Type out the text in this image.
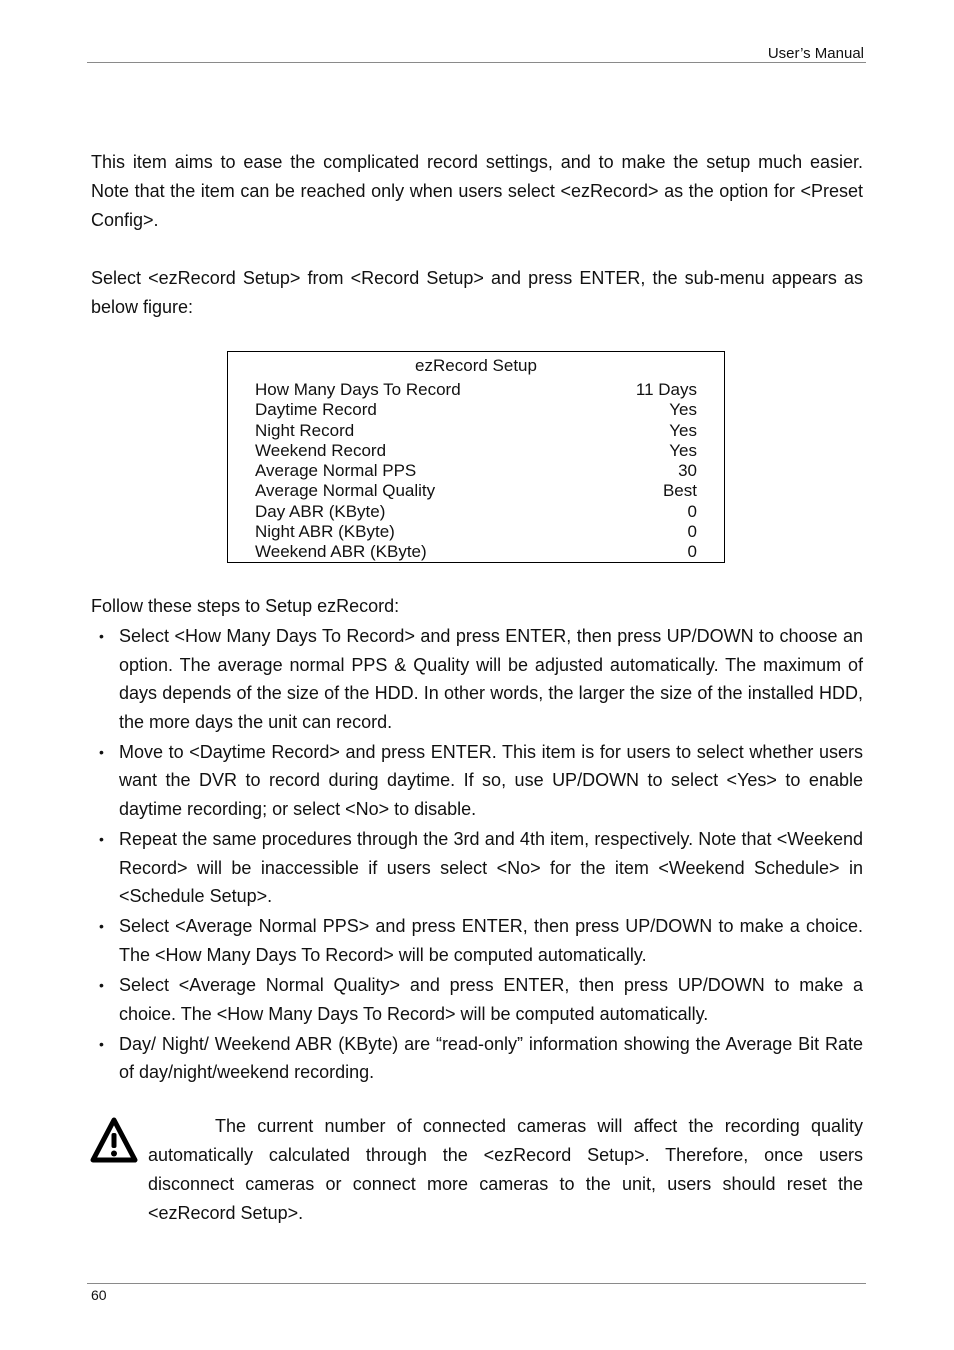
User’s Manual

This item aims to ease the complicated record settings, and to make the setup much easier. Note that the item can be reached only when users select <ezRecord> as the option for <Preset Config>.

Select <ezRecord Setup> from <Record Setup> and press ENTER, the sub-menu appears as below figure:

ezRecord Setup
How Many Days To Record	11 Days
Daytime Record	Yes
Night Record	Yes
Weekend Record	Yes
Average Normal PPS	30
Average Normal Quality	Best
Day ABR (KByte)	0
Night ABR (KByte)	0
Weekend ABR (KByte)	0

Follow these steps to Setup ezRecord:

• Select <How Many Days To Record> and press ENTER, then press UP/DOWN to choose an option. The average normal PPS & Quality will be adjusted automatically. The maximum of days depends of the size of the HDD. In other words, the larger the size of the installed HDD, the more days the unit can record.
• Move to <Daytime Record> and press ENTER. This item is for users to select whether users want the DVR to record during daytime. If so, use UP/DOWN to select <Yes> to enable daytime recording; or select <No> to disable.
• Repeat the same procedures through the 3rd and 4th item, respectively. Note that <Weekend Record> will be inaccessible if users select <No> for the item <Weekend Schedule> in <Schedule Setup>.
• Select <Average Normal PPS> and press ENTER, then press UP/DOWN to make a choice. The <How Many Days To Record> will be computed automatically.
• Select <Average Normal Quality> and press ENTER, then press UP/DOWN to make a choice. The <How Many Days To Record> will be computed automatically.
• Day/ Night/ Weekend ABR (KByte) are “read-only” information showing the Average Bit Rate of day/night/weekend recording.

The current number of connected cameras will affect the recording quality automatically calculated through the <ezRecord Setup>. Therefore, once users disconnect cameras or connect more cameras to the unit, users should reset the <ezRecord Setup>.

60
